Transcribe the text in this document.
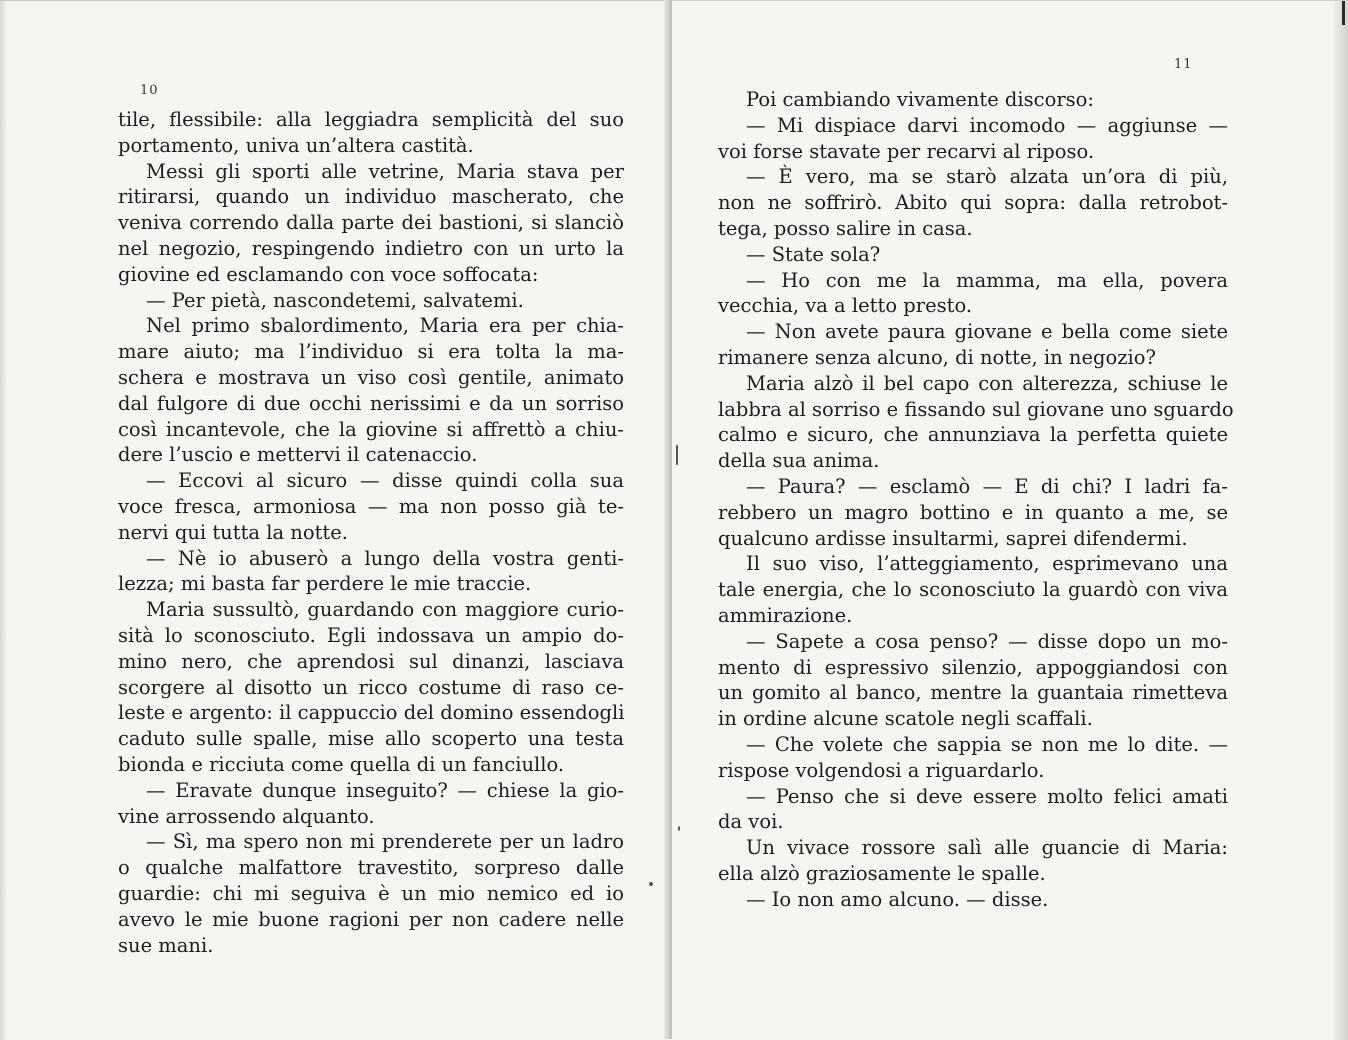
10
tile, flessibile: alla leggiadra semplicità del suo
portamento, univa un’altera castità.
Messi gli sporti alle vetrine, Maria stava per
ritirarsi, quando un individuo mascherato, che
veniva correndo dalla parte dei bastioni, si slanciò
nel negozio, respingendo indietro con un urto la
giovine ed esclamando con voce soffocata:
— Per pietà, nascondetemi, salvatemi.
Nel primo sbalordimento, Maria era per chia-
mare aiuto; ma l’individuo si era tolta la ma-
schera e mostrava un viso così gentile, animato
dal fulgore di due occhi nerissimi e da un sorriso
così incantevole, che la giovine si affrettò a chiu-
dere l’uscio e mettervi il catenaccio.
— Eccovi al sicuro — disse quindi colla sua
voce fresca, armoniosa — ma non posso già te-
nervi qui tutta la notte.
— Nè io abuserò a lungo della vostra genti-
lezza; mi basta far perdere le mie traccie.
Maria sussultò, guardando con maggiore curio-
sità lo sconosciuto. Egli indossava un ampio do-
mino nero, che aprendosi sul dinanzi, lasciava
scorgere al disotto un ricco costume di raso ce-
leste e argento: il cappuccio del domino essendogli
caduto sulle spalle, mise allo scoperto una testa
bionda e ricciuta come quella di un fanciullo.
— Eravate dunque inseguito? — chiese la gio-
vine arrossendo alquanto.
— Sì, ma spero non mi prenderete per un ladro
o qualche malfattore travestito, sorpreso dalle
guardie: chi mi seguiva è un mio nemico ed io
avevo le mie buone ragioni per non cadere nelle
sue mani.
11
Poi cambiando vivamente discorso:
— Mi dispiace darvi incomodo — aggiunse —
voi forse stavate per recarvi al riposo.
— È vero, ma se starò alzata un’ora di più,
non ne soffrirò. Abito qui sopra: dalla retrobot-
tega, posso salire in casa.
— State sola?
— Ho con me la mamma, ma ella, povera
vecchia, va a letto presto.
— Non avete paura giovane e bella come siete
rimanere senza alcuno, di notte, in negozio?
Maria alzò il bel capo con alterezza, schiuse le
labbra al sorriso e fissando sul giovane uno sguardo
calmo e sicuro, che annunziava la perfetta quiete
della sua anima.
— Paura? — esclamò — E di chi? I ladri fa-
rebbero un magro bottino e in quanto a me, se
qualcuno ardisse insultarmi, saprei difendermi.
Il suo viso, l’atteggiamento, esprimevano una
tale energia, che lo sconosciuto la guardò con viva
ammirazione.
— Sapete a cosa penso? — disse dopo un mo-
mento di espressivo silenzio, appoggiandosi con
un gomito al banco, mentre la guantaia rimetteva
in ordine alcune scatole negli scaffali.
— Che volete che sappia se non me lo dite. —
rispose volgendosi a riguardarlo.
— Penso che si deve essere molto felici amati
da voi.
Un vivace rossore salì alle guancie di Maria:
ella alzò graziosamente le spalle.
— Io non amo alcuno. — disse.
